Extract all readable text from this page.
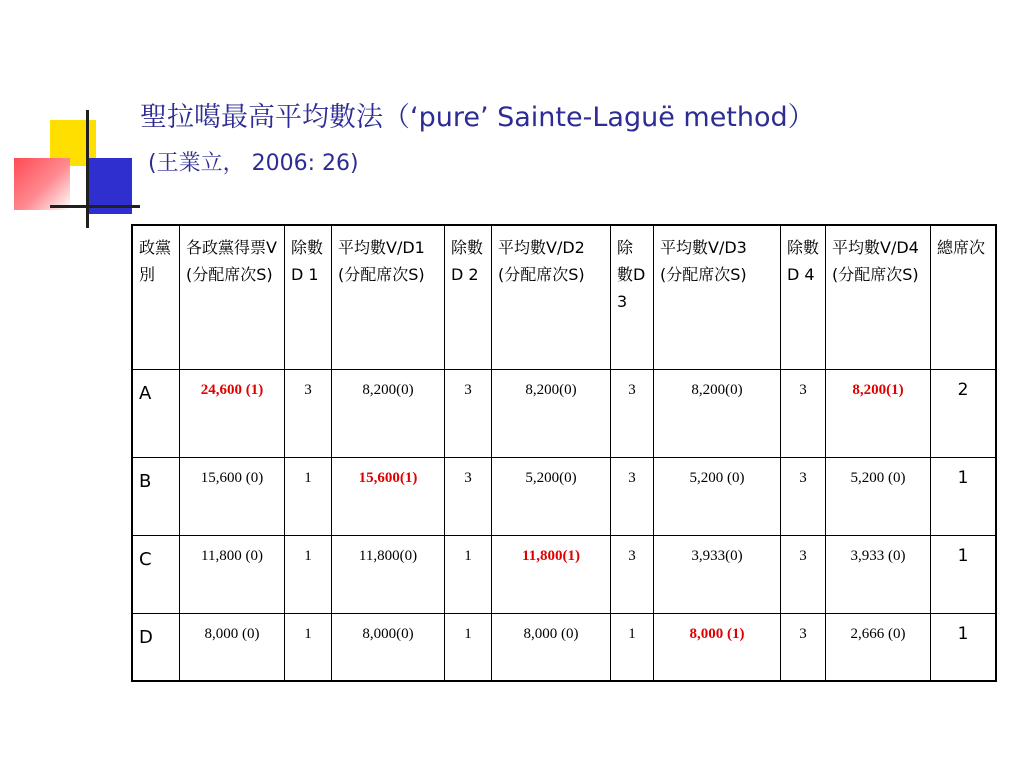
聖拉噶最高平均數法（‘pure’ Sainte-Laguë method）
(王業立， 2006: 26)
政黨別	各政黨得票V (分配席次S)	除數D 1	平均數V/D1 (分配席次S)	除數D 2	平均數V/D2 (分配席次S)	除數D 3	平均數V/D3 (分配席次S)	除數D 4	平均數V/D4 (分配席次S)	總席次
A	24,600 (1)	3	8,200(0)	3	8,200(0)	3	8,200(0)	3	8,200(1)	2
B	15,600 (0)	1	15,600(1)	3	5,200(0)	3	5,200 (0)	3	5,200 (0)	1
C	11,800 (0)	1	11,800(0)	1	11,800(1)	3	3,933(0)	3	3,933 (0)	1
D	8,000 (0)	1	8,000(0)	1	8,000 (0)	1	8,000 (1)	3	2,666 (0)	1
